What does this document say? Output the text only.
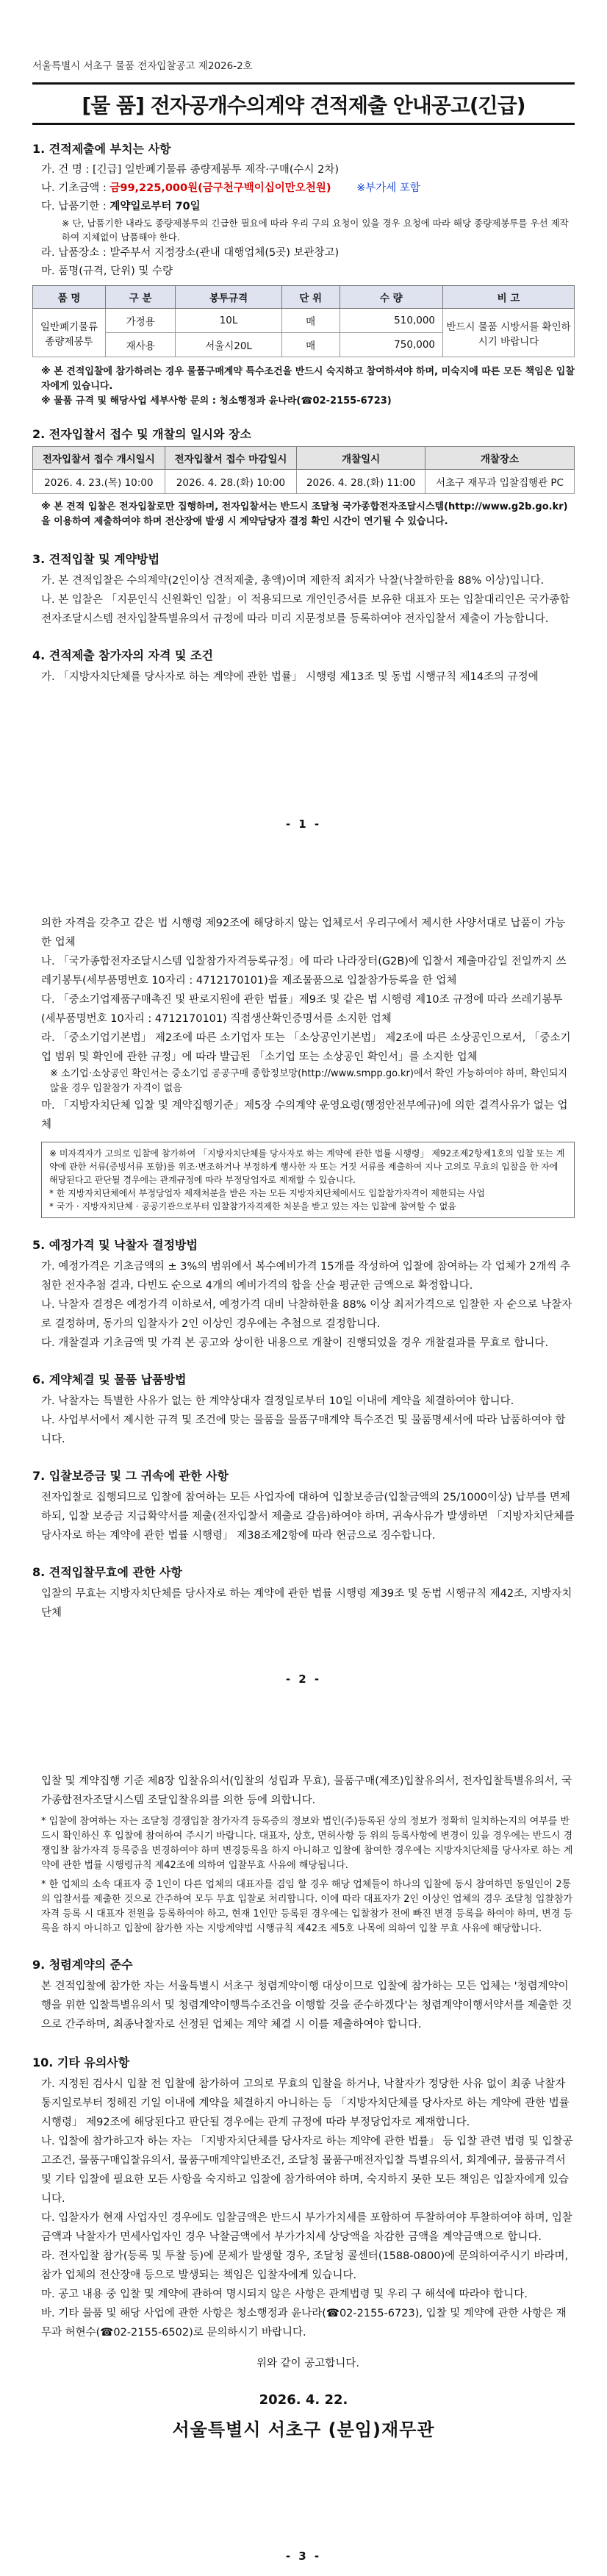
서울특별시 서초구 물품 전자입찰공고 제2026-2호
[물 품] 전자공개수의계약 견적제출 안내공고(긴급)
1. 견적제출에 부치는 사항
가. 건 명 : [긴급] 일반폐기물류 종량제봉투 제작·구매(수시 2차)
나. 기초금액 : 금99,225,000원(금구천구백이십이만오천원) ※부가세 포함
다. 납품기한 : 계약일로부터 70일
※ 단, 납품기한 내라도 종량제봉투의 긴급한 필요에 따라 우리 구의 요청이 있을 경우 요청에 따라 해당 종량제봉투를 우선 제작하여 지체없이 납품해야 한다.
라. 납품장소 : 발주부서 지정장소(관내 대행업체(5곳) 보관창고)
마. 품명(규격, 단위) 및 수량
품 명	구 분	봉투규격	단 위	수 량	비 고
일반폐기물류 종량제봉투	가정용	10L	매	510,000	반드시 물품 시방서를 확인하시기 바랍니다
	재사용	서울시20L	매	750,000	
※ 본 견적입찰에 참가하려는 경우 물품구매계약 특수조건을 반드시 숙지하고 참여하셔야 하며, 미숙지에 따른 모든 책임은 입찰자에게 있습니다.
※ 물품 규격 및 해당사업 세부사항 문의 : 청소행정과 윤나라(☎02-2155-6723)
2. 전자입찰서 접수 및 개찰의 일시와 장소
전자입찰서 접수 개시일시	전자입찰서 접수 마감일시	개찰일시	개찰장소
2026. 4. 23.(목) 10:00	2026. 4. 28.(화) 10:00	2026. 4. 28.(화) 11:00	서초구 재무과 입찰집행관 PC
※ 본 견적 입찰은 전자입찰로만 집행하며, 전자입찰서는 반드시 조달청 국가종합전자조달시스템(http://www.g2b.go.kr)을 이용하여 제출하여야 하며 전산장애 발생 시 계약담당자 결정 확인 시간이 연기될 수 있습니다.
3. 견적입찰 및 계약방법
가. 본 견적입찰은 수의계약(2인이상 견적제출, 총액)이며 제한적 최저가 낙찰(낙찰하한율 88% 이상)입니다.
나. 본 입찰은 「지문인식 신원확인 입찰」이 적용되므로 개인인증서를 보유한 대표자 또는 입찰대리인은 국가종합전자조달시스템 전자입찰특별유의서 규정에 따라 미리 지문정보를 등록하여야 전자입찰서 제출이 가능합니다.
4. 견적제출 참가자의 자격 및 조건
가. 「지방자치단체를 당사자로 하는 계약에 관한 법률」 시행령 제13조 및 동법 시행규칙 제14조의 규정에
- 1 -
의한 자격을 갖추고 같은 법 시행령 제92조에 해당하지 않는 업체로서 우리구에서 제시한 사양서대로 납품이 가능한 업체
나. 「국가종합전자조달시스템 입찰참가자격등록규정」에 따라 나라장터(G2B)에 입찰서 제출마감일 전일까지 쓰레기봉투(세부품명번호 10자리 : 4712170101)을 제조물품으로 입찰참가등록을 한 업체
다. 「중소기업제품구매촉진 및 판로지원에 관한 법률」제9조 및 같은 법 시행령 제10조 규정에 따라 쓰레기봉투(세부품명번호 10자리 : 4712170101) 직접생산확인증명서를 소지한 업체
라. 「중소기업기본법」 제2조에 따른 소기업자 또는 「소상공인기본법」 제2조에 따른 소상공인으로서, 「중소기업 범위 및 확인에 관한 규정」에 따라 발급된 「소기업 또는 소상공인 확인서」를 소지한 업체
※ 소기업·소상공인 확인서는 중소기업 공공구매 종합정보망(http://www.smpp.go.kr)에서 확인 가능하여야 하며, 확인되지 않을 경우 입찰참가 자격이 없음
마. 「지방자치단체 입찰 및 계약집행기준」제5장 수의계약 운영요령(행정안전부예규)에 의한 결격사유가 없는 업체
※ 미자격자가 고의로 입찰에 참가하여 「지방자치단체를 당사자로 하는 계약에 관한 법률 시행령」 제92조제2항제1호의 입찰 또는 계약에 관한 서류(증빙서류 포함)를 위조·변조하거나 부정하게 행사한 자 또는 거짓 서류를 제출하여 지나 고의로 무효의 입찰을 한 자에 해당된다고 판단될 경우에는 관계규정에 따라 부정당업자로 제재할 수 있습니다.
* 한 지방자치단체에서 부정당업자 제재처분을 받은 자는 모든 지방자치단체에서도 입찰참가자격이 제한되는 사업
* 국가 · 지방자치단체 · 공공기관으로부터 입찰참가자격제한 처분을 받고 있는 자는 입찰에 참여할 수 없음
5. 예정가격 및 낙찰자 결정방법
가. 예정가격은 기초금액의 ± 3%의 범위에서 복수예비가격 15개를 작성하여 입찰에 참여하는 각 업체가 2개씩 추첨한 전자추첨 결과, 다빈도 순으로 4개의 예비가격의 합을 산술 평균한 금액으로 확정합니다.
나. 낙찰자 결정은 예정가격 이하로서, 예정가격 대비 낙찰하한율 88% 이상 최저가격으로 입찰한 자 순으로 낙찰자로 결정하며, 동가의 입찰자가 2인 이상인 경우에는 추첨으로 결정합니다.
다. 개찰결과 기초금액 및 가격 본 공고와 상이한 내용으로 개찰이 진행되었을 경우 개찰결과를 무효로 합니다.
6. 계약체결 및 물품 납품방법
가. 낙찰자는 특별한 사유가 없는 한 계약상대자 결정일로부터 10일 이내에 계약을 체결하여야 합니다.
나. 사업부서에서 제시한 규격 및 조건에 맞는 물품을 물품구매계약 특수조건 및 물품명세서에 따라 납품하여야 합니다.
7. 입찰보증금 및 그 귀속에 관한 사항
전자입찰로 집행되므로 입찰에 참여하는 모든 사업자에 대하여 입찰보증금(입찰금액의 25/1000이상) 납부를 면제하되, 입찰 보증금 지급확약서를 제출(전자입찰서 제출로 갈음)하여야 하며, 귀속사유가 발생하면 「지방자치단체를 당사자로 하는 계약에 관한 법률 시행령」 제38조제2항에 따라 현금으로 징수합니다.
8. 견적입찰무효에 관한 사항
입찰의 무효는 지방자치단체를 당사자로 하는 계약에 관한 법률 시행령 제39조 및 동법 시행규칙 제42조, 지방자치단체
- 2 -
입찰 및 계약집행 기준 제8장 입찰유의서(입찰의 성립과 무효), 물품구매(제조)입찰유의서, 전자입찰특별유의서, 국가종합전자조달시스템 조달입찰유의를 의한 등에 의합니다.
* 입찰에 참여하는 자는 조달청 경쟁입찰 참가자격 등록증의 정보와 법인(주)등록된 상의 정보가 정확히 일치하는지의 여부를 반드시 확인하신 후 입찰에 참여하여 주시기 바랍니다. 대표자, 상호, 면허사항 등 위의 등록사항에 변경이 있을 경우에는 반드시 경쟁입찰 참가자격 등록증을 변경하여야 하며 변경등록을 하지 아니하고 입찰에 참여한 경우에는 지방자치단체를 당사자로 하는 계약에 관한 법률 시행령규칙 제42조에 의하여 입찰무효 사유에 해당됩니다.
* 한 업체의 소속 대표자 중 1인이 다른 업체의 대표자를 겸임 할 경우 해당 업체들이 하나의 입찰에 동시 참여하면 동일인이 2통의 입찰서를 제출한 것으로 간주하여 모두 무효 입찰로 처리합니다. 이에 따라 대표자가 2인 이상인 업체의 경우 조달청 입찰참가자격 등록 시 대표자 전원을 등록하여야 하고, 현재 1인만 등록된 경우에는 입찰참가 전에 빠진 변경 등록을 하여야 하며, 변경 등록을 하지 아니하고 입찰에 참가한 자는 지방계약법 시행규칙 제42조 제5호 나목에 의하여 입찰 무효 사유에 해당합니다.
9. 청렴계약의 준수
본 견적입찰에 참가한 자는 서울특별시 서초구 청렴계약이행 대상이므로 입찰에 참가하는 모든 업체는 '청렴계약이행을 위한 입찰특별유의서 및 청렴계약이행특수조건을 이행할 것을 준수하겠다'는 청렴계약이행서약서를 제출한 것으로 간주하며, 최종낙찰자로 선정된 업체는 계약 체결 시 이를 제출하여야 합니다.
10. 기타 유의사항
가. 지정된 검사시 입찰 전 입찰에 참가하여 고의로 무효의 입찰을 하거나, 낙찰자가 정당한 사유 없이 최종 낙찰자 통지일로부터 정해진 기일 이내에 계약을 체결하지 아니하는 등 「지방자치단체를 당사자로 하는 계약에 관한 법률 시행령」 제92조에 해당된다고 판단될 경우에는 관계 규정에 따라 부정당업자로 제재합니다.
나. 입찰에 참가하고자 하는 자는 「지방자치단체를 당사자로 하는 계약에 관한 법률」 등 입찰 관련 법령 및 입찰공고조건, 물품구매입찰유의서, 물품구매계약일반조건, 조달청 물품구매전자입찰 특별유의서, 회계예규, 물품규격서 및 기타 입찰에 필요한 모든 사항을 숙지하고 입찰에 참가하여야 하며, 숙지하지 못한 모든 책임은 입찰자에게 있습니다.
다. 입찰자가 현재 사업자인 경우에도 입찰금액은 반드시 부가가치세를 포함하여 투찰하여야 투찰하여야 하며, 입찰금액과 낙찰자가 면세사업자인 경우 낙찰금액에서 부가가치세 상당액을 차감한 금액을 계약금액으로 합니다.
라. 전자입찰 참가(등록 및 투찰 등)에 문제가 발생할 경우, 조달청 콜센터(1588-0800)에 문의하여주시기 바라며, 참가 업체의 전산장애 등으로 발생되는 책임은 입찰자에게 있습니다.
마. 공고 내용 중 입찰 및 계약에 관하여 명시되지 않은 사항은 관계법령 및 우리 구 해석에 따라야 합니다.
바. 기타 물품 및 해당 사업에 관한 사항은 청소행정과 윤나라(☎02-2155-6723), 입찰 및 계약에 관한 사항은 재무과 허현수(☎02-2155-6502)로 문의하시기 바랍니다.
위와 같이 공고합니다.
2026. 4. 22.
서울특별시 서초구 (분임)재무관
- 3 -
